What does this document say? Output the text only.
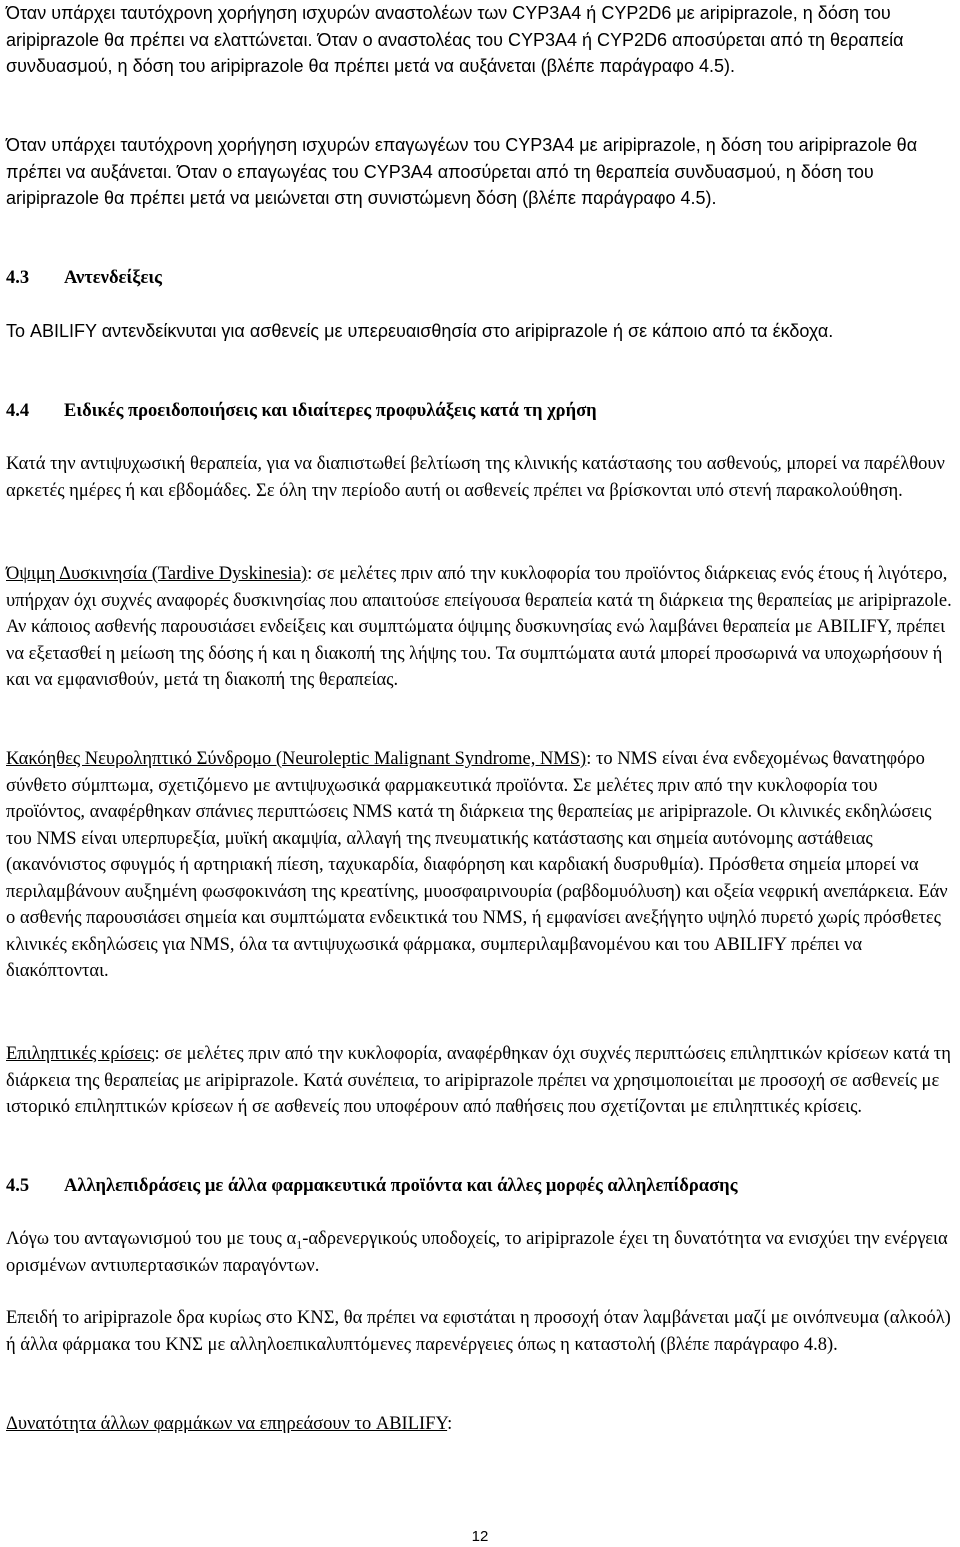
Όταν υπάρχει ταυτόχρονη χορήγηση ισχυρών αναστολέων των CYP3A4 ή CYP2D6 με aripiprazole, η δόση του aripiprazole θα πρέπει να ελαττώνεται. Όταν ο αναστολέας του CYP3A4 ή CYP2D6 αποσύρεται από τη θεραπεία συνδυασμού, η δόση του aripiprazole θα πρέπει μετά να αυξάνεται (βλέπε παράγραφο 4.5).

Όταν υπάρχει ταυτόχρονη χορήγηση ισχυρών επαγωγέων του CYP3A4 με aripiprazole, η δόση του aripiprazole θα πρέπει να αυξάνεται. Όταν ο επαγωγέας του CYP3A4 αποσύρεται από τη θεραπεία συνδυασμού, η δόση του aripiprazole θα πρέπει μετά να μειώνεται στη συνιστώμενη δόση (βλέπε παράγραφο 4.5).

4.3 Αντενδείξεις

Το ABILIFY αντενδείκνυται για ασθενείς με υπερευαισθησία στο aripiprazole ή σε κάποιο από τα έκδοχα.

4.4 Ειδικές προειδοποιήσεις και ιδιαίτερες προφυλάξεις κατά τη χρήση

Κατά την αντιψυχωσική θεραπεία, για να διαπιστωθεί βελτίωση της κλινικής κατάστασης του ασθενούς, μπορεί να παρέλθουν αρκετές ημέρες ή και εβδομάδες. Σε όλη την περίοδο αυτή οι ασθενείς πρέπει να βρίσκονται υπό στενή παρακολούθηση.

Όψιμη Δυσκινησία (Tardive Dyskinesia): σε μελέτες πριν από την κυκλοφορία του προϊόντος διάρκειας ενός έτους ή λιγότερο, υπήρχαν όχι συχνές αναφορές δυσκινησίας που απαιτούσε επείγουσα θεραπεία κατά τη διάρκεια της θεραπείας με aripiprazole. Αν κάποιος ασθενής παρουσιάσει ενδείξεις και συμπτώματα όψιμης δυσκυνησίας ενώ λαμβάνει θεραπεία με ABILIFY, πρέπει να εξετασθεί η μείωση της δόσης ή και η διακοπή της λήψης του. Τα συμπτώματα αυτά μπορεί προσωρινά να υποχωρήσουν ή και να εμφανισθούν, μετά τη διακοπή της θεραπείας.

Κακόηθες Νευροληπτικό Σύνδρομο (Neuroleptic Malignant Syndrome, NMS): το NMS είναι ένα ενδεχομένως θανατηφόρο σύνθετο σύμπτωμα, σχετιζόμενο με αντιψυχωσικά φαρμακευτικά προϊόντα. Σε μελέτες πριν από την κυκλοφορία του προϊόντος, αναφέρθηκαν σπάνιες περιπτώσεις NMS κατά τη διάρκεια της θεραπείας με aripiprazole. Οι κλινικές εκδηλώσεις του NMS είναι υπερπυρεξία, μυϊκή ακαμψία, αλλαγή της πνευματικής κατάστασης και σημεία αυτόνομης αστάθειας (ακανόνιστος σφυγμός ή αρτηριακή πίεση, ταχυκαρδία, διαφόρηση και καρδιακή δυσρυθμία). Πρόσθετα σημεία μπορεί να περιλαμβάνουν αυξημένη φωσφοκινάση της κρεατίνης, μυοσφαιρινουρία (ραβδομυόλυση) και οξεία νεφρική ανεπάρκεια. Εάν ο ασθενής παρουσιάσει σημεία και συμπτώματα ενδεικτικά του NMS, ή εμφανίσει ανεξήγητο υψηλό πυρετό χωρίς πρόσθετες κλινικές εκδηλώσεις για NMS, όλα τα αντιψυχωσικά φάρμακα, συμπεριλαμβανομένου και του ABILIFY πρέπει να διακόπτονται.

Επιληπτικές κρίσεις: σε μελέτες πριν από την κυκλοφορία, αναφέρθηκαν όχι συχνές περιπτώσεις επιληπτικών κρίσεων κατά τη διάρκεια της θεραπείας με aripiprazole. Κατά συνέπεια, το aripiprazole πρέπει να χρησιμοποιείται με προσοχή σε ασθενείς με ιστορικό επιληπτικών κρίσεων ή σε ασθενείς που υποφέρουν από παθήσεις που σχετίζονται με επιληπτικές κρίσεις.

4.5 Αλληλεπιδράσεις με άλλα φαρμακευτικά προϊόντα και άλλες μορφές αλληλεπίδρασης

Λόγω του ανταγωνισμού του με τους $\alpha_1$-αδρενεργικούς υποδοχείς, το aripiprazole έχει τη δυνατότητα να ενισχύει την ενέργεια ορισμένων αντιυπερτασικών παραγόντων.

Επειδή το aripiprazole δρα κυρίως στο ΚΝΣ, θα πρέπει να εφιστάται η προσοχή όταν λαμβάνεται μαζί με οινόπνευμα (αλκοόλ) ή άλλα φάρμακα του ΚΝΣ με αλληλοεπικαλυπτόμενες παρενέργειες όπως η καταστολή (βλέπε παράγραφο 4.8).

Δυνατότητα άλλων φαρμάκων να επηρεάσουν το ABILIFY:

12
